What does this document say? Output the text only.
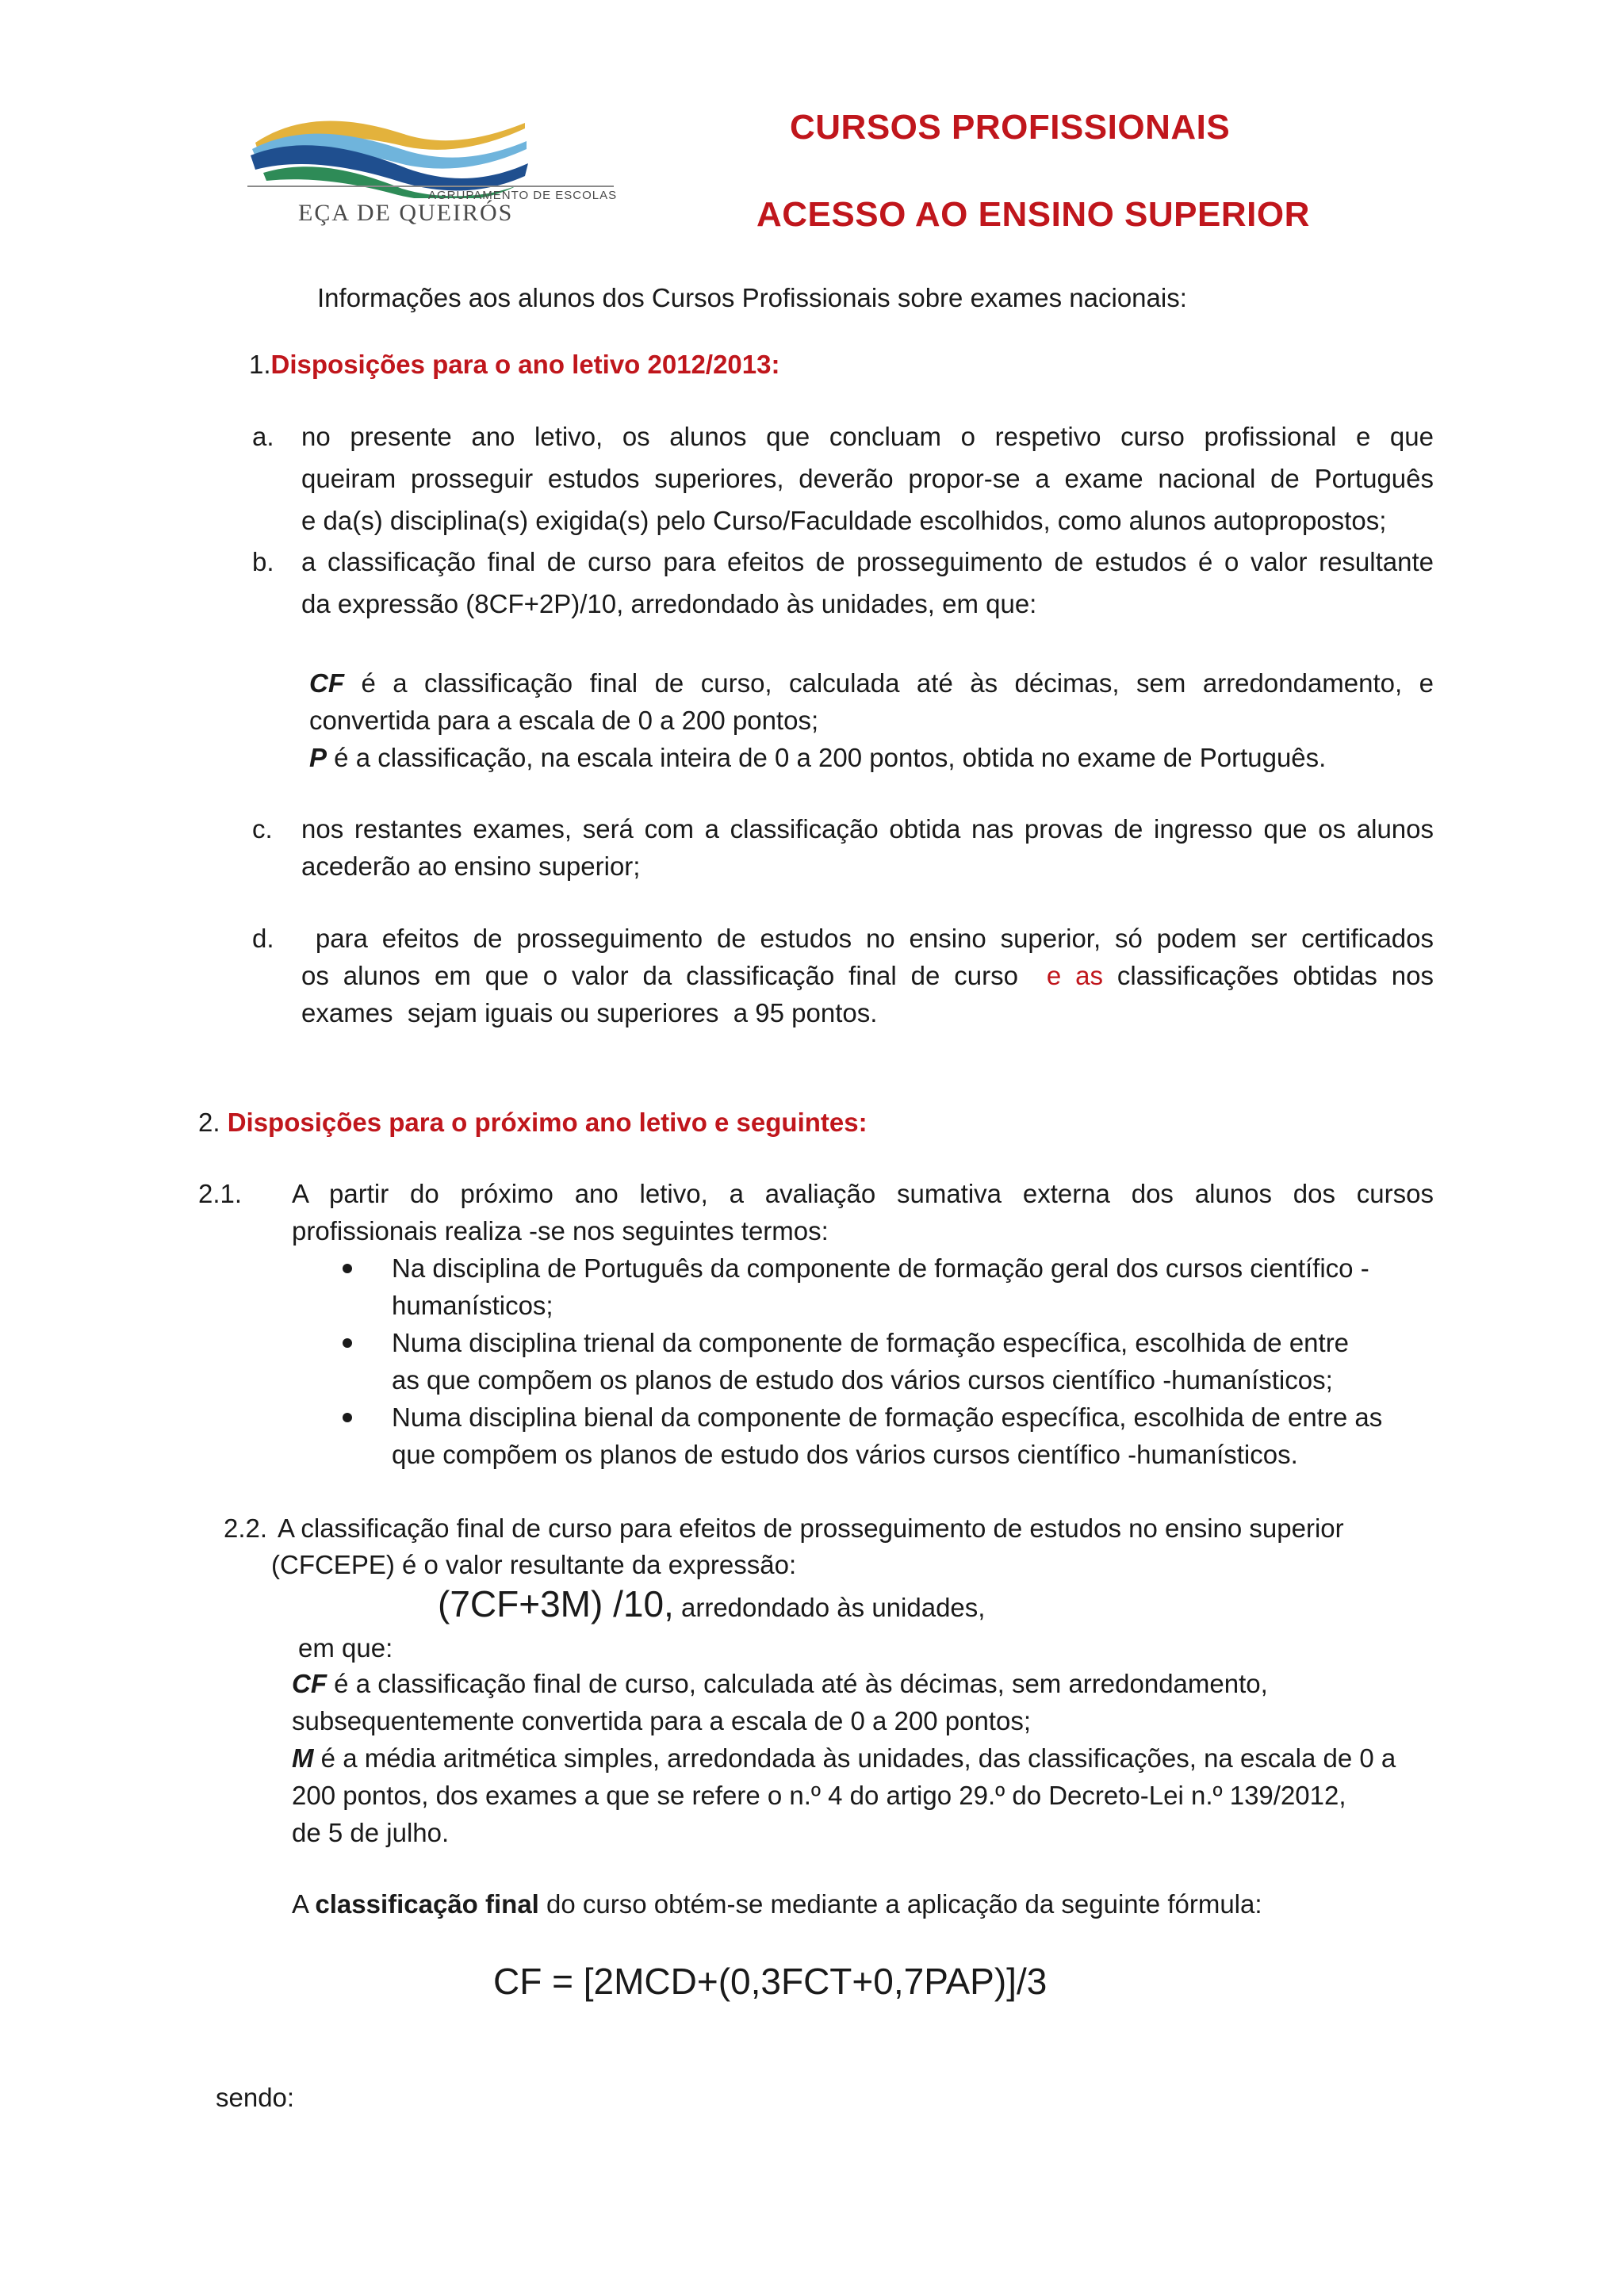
AGRUPAMENTO DE ESCOLAS
EÇA DE QUEIRÓS
CURSOS PROFISSIONAIS
ACESSO AO ENSINO SUPERIOR
Informações aos alunos dos Cursos Profissionais sobre exames nacionais:
1.Disposições para o ano letivo 2012/2013:
a. no presente ano letivo, os alunos que concluam o respetivo curso profissional e que
queiram prosseguir estudos superiores, deverão propor-se a exame nacional de Português
e da(s) disciplina(s) exigida(s) pelo Curso/Faculdade escolhidos, como alunos autopropostos;
b. a classificação final de curso para efeitos de prosseguimento de estudos é o valor resultante
da expressão (8CF+2P)/10, arredondado às unidades, em que:
CF é a classificação final de curso, calculada até às décimas, sem arredondamento, e
convertida para a escala de 0 a 200 pontos;
P é a classificação, na escala inteira de 0 a 200 pontos, obtida no exame de Português.
c. nos restantes exames, será com a classificação obtida nas provas de ingresso que os alunos
acederão ao ensino superior;
d. para efeitos de prosseguimento de estudos no ensino superior, só podem ser certificados
os alunos em que o valor da classificação final de curso  e as classificações obtidas nos
exames  sejam iguais ou superiores  a 95 pontos.
2. Disposições para o próximo ano letivo e seguintes:
2.1. A partir do próximo ano letivo, a avaliação sumativa externa dos alunos dos cursos
profissionais realiza -se nos seguintes termos:
Na disciplina de Português da componente de formação geral dos cursos científico -
humanísticos;
Numa disciplina trienal da componente de formação específica, escolhida de entre
as que compõem os planos de estudo dos vários cursos científico -humanísticos;
Numa disciplina bienal da componente de formação específica, escolhida de entre as
que compõem os planos de estudo dos vários cursos científico -humanísticos.
2.2. A classificação final de curso para efeitos de prosseguimento de estudos no ensino superior
(CFCEPE) é o valor resultante da expressão:
(7CF+3M) /10, arredondado às unidades,
em que:
CF é a classificação final de curso, calculada até às décimas, sem arredondamento,
subsequentemente convertida para a escala de 0 a 200 pontos;
M é a média aritmética simples, arredondada às unidades, das classificações, na escala de 0 a
200 pontos, dos exames a que se refere o n.º 4 do artigo 29.º do Decreto-Lei n.º 139/2012,
de 5 de julho.
A classificação final do curso obtém-se mediante a aplicação da seguinte fórmula:
CF = [2MCD+(0,3FCT+0,7PAP)]/3
sendo:
